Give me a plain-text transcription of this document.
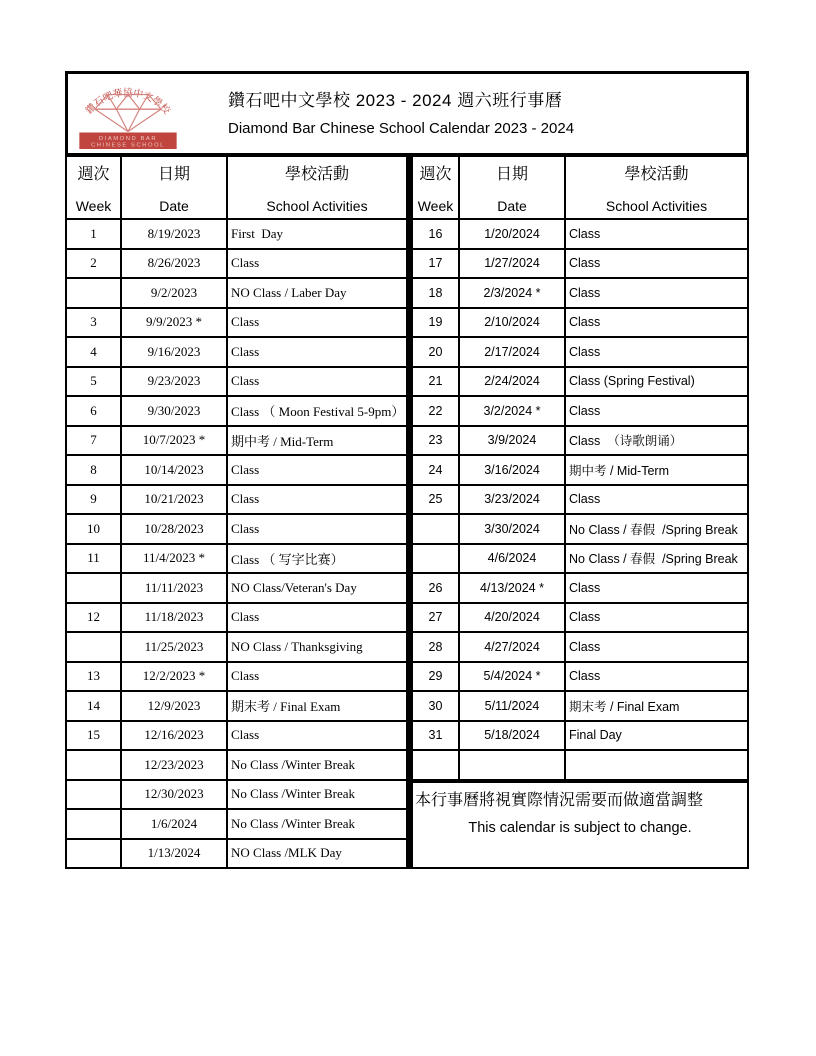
鑽石吧華協中文學校
DIAMOND BAR
CHINESE SCHOOL
鑽石吧中文學校 2023 - 2024 週六班行事曆
Diamond Bar Chinese School Calendar 2023 - 2024
週次
Week	日期
Date	學校活動
School Activities

1	8/19/2023	First  Day
2	8/26/2023	Class
	9/2/2023	NO Class / Laber Day
3	9/9/2023 *	Class
4	9/16/2023	Class
5	9/23/2023	Class
6	9/30/2023	Class （ Moon Festival 5-9pm）
7	10/7/2023 *	期中考 / Mid-Term
8	10/14/2023	Class
9	10/21/2023	Class
10	10/28/2023	Class
11	11/4/2023 *	Class （ 写字比赛）
	11/11/2023	NO Class/Veteran's Day
12	11/18/2023	Class
	11/25/2023	NO Class / Thanksgiving
13	12/2/2023 *	Class
14	12/9/2023	期末考 / Final Exam
15	12/16/2023	Class
	12/23/2023	No Class /Winter Break
	12/30/2023	No Class /Winter Break
	1/6/2024	No Class /Winter Break
	1/13/2024	NO Class /MLK Day
週次
Week	日期
Date	學校活動
School Activities

16	1/20/2024	Class
17	1/27/2024	Class
18	2/3/2024 *	Class
19	2/10/2024	Class
20	2/17/2024	Class
21	2/24/2024	Class (Spring Festival)
22	3/2/2024 *	Class
23	3/9/2024	Class  （诗歌朗诵）
24	3/16/2024	期中考 / Mid-Term
25	3/23/2024	Class
	3/30/2024	No Class / 春假  /Spring Break
	4/6/2024	No Class / 春假  /Spring Break
26	4/13/2024 *	Class
27	4/20/2024	Class
28	4/27/2024	Class
29	5/4/2024 *	Class
30	5/11/2024	期末考 / Final Exam
31	5/18/2024	Final Day

本行事曆將視實際情況需要而做適當調整
This calendar is subject to change.
